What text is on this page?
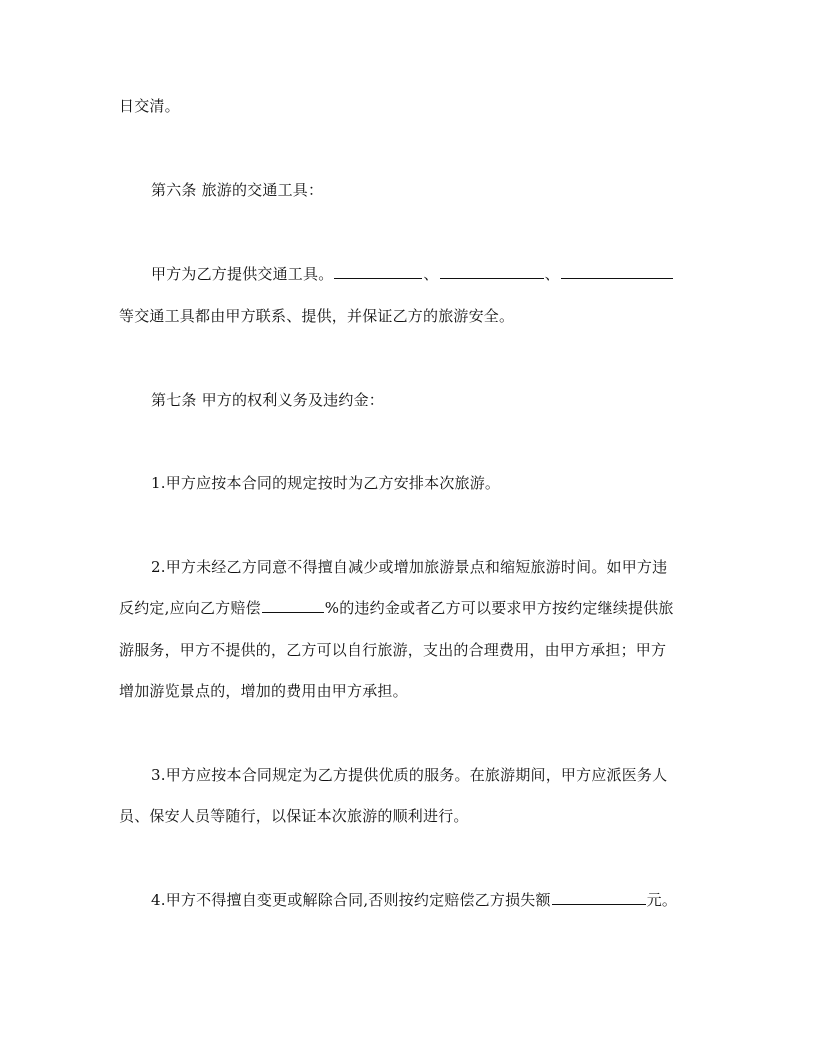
日交清。
第六条 旅游的交通工具：
甲方为乙方提供交通工具。	、	、
等交通工具都由甲方联系、提供，并保证乙方的旅游安全。
第七条 甲方的权利义务及违约金：
1.甲方应按本合同的规定按时为乙方安排本次旅游。
2.甲方未经乙方同意不得擅自减少或增加旅游景点和缩短旅游时间。如甲方违
反约定,应向乙方赔偿	%的违约金或者乙方可以要求甲方按约定继续提供旅
游服务，甲方不提供的，乙方可以自行旅游，支出的合理费用，由甲方承担；甲方
增加游览景点的，增加的费用由甲方承担。
3.甲方应按本合同规定为乙方提供优质的服务。在旅游期间，甲方应派医务人
员、保安人员等随行，以保证本次旅游的顺利进行。
4.甲方不得擅自变更或解除合同,否则按约定赔偿乙方损失额	元。
